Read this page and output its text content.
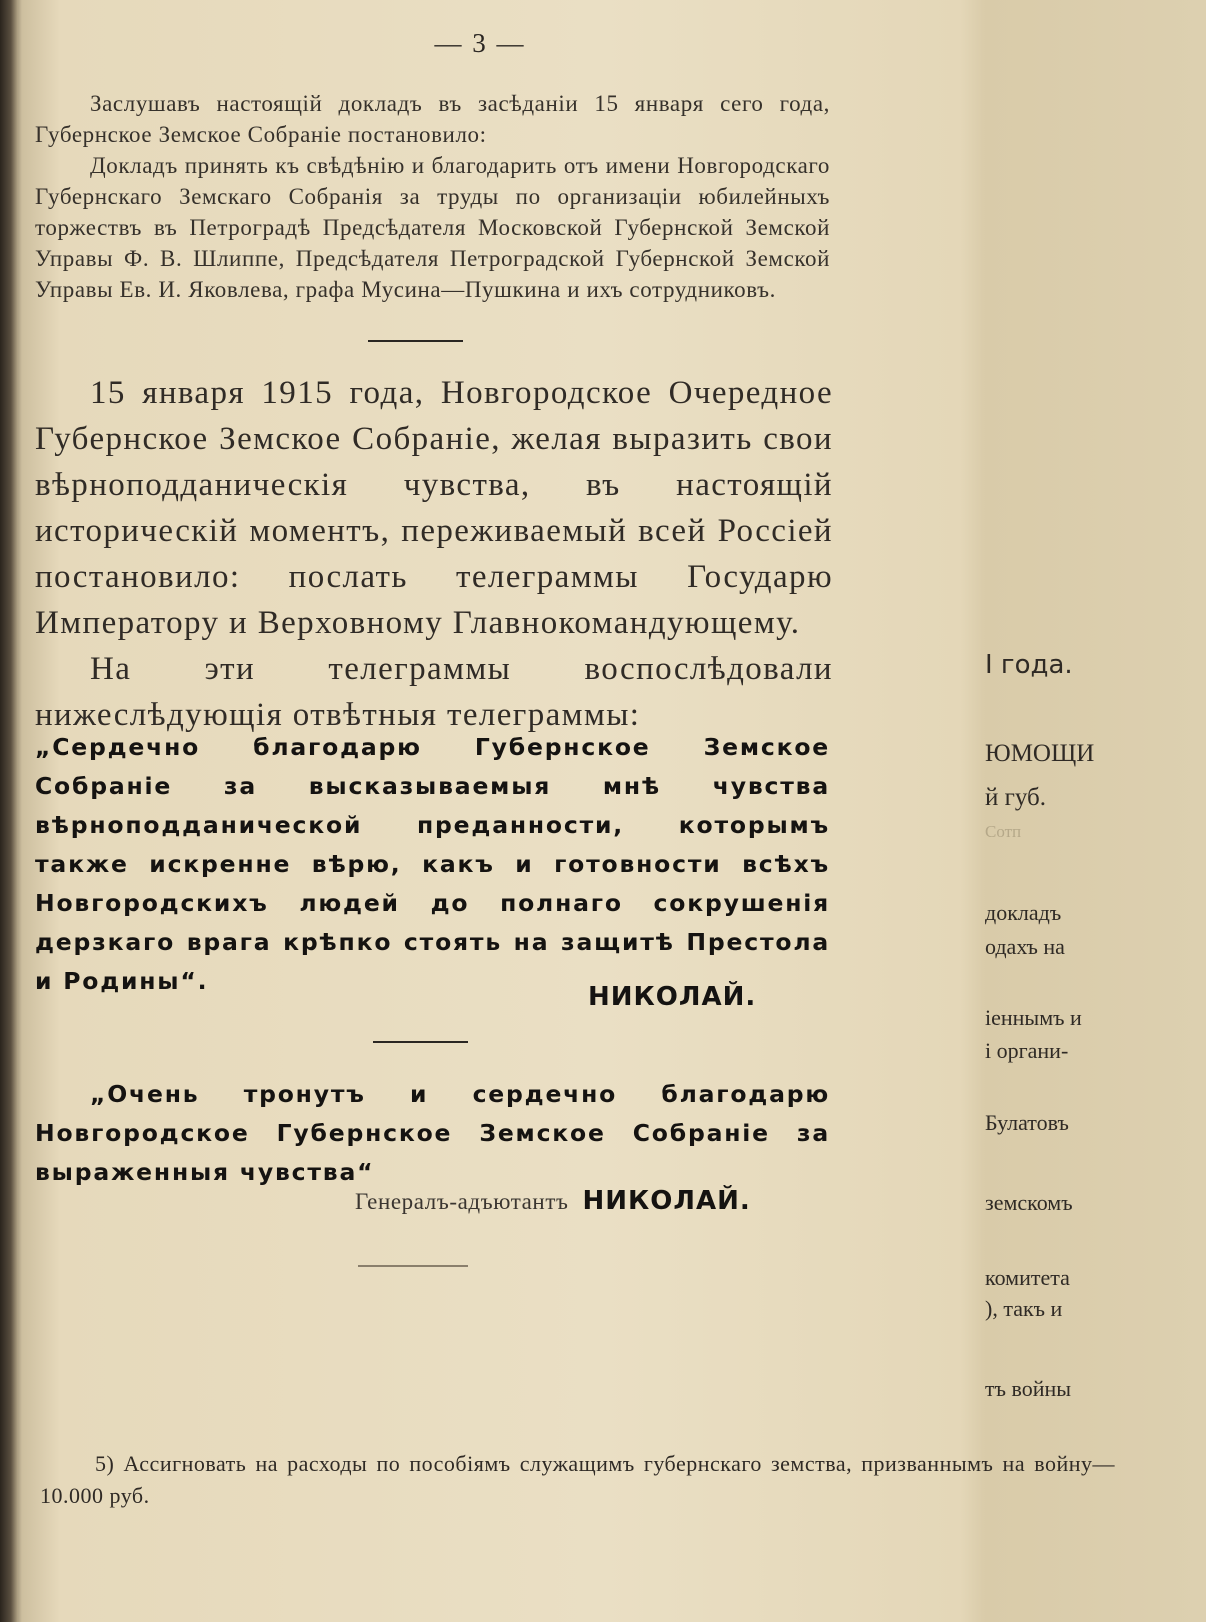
— 3 —

Заслушавъ настоящій докладъ въ засѣданіи 15 января сего года, Губернское Земское Собраніе постановило:

Докладъ принять къ свѣдѣнію и благодарить отъ имени Новгородскаго Губернскаго Земскаго Собранія за труды по организаціи юбилейныхъ торжествъ въ Петроградѣ Предсѣдателя Московской Губернской Земской Управы Ф. В. Шлиппе, Предсѣдателя Петроградской Губернской Земской Управы Ев. И. Яковлева, графа Мусина—Пушкина и ихъ сотрудниковъ.

15 января 1915 года, Новгородское Очередное Губернское Земское Собраніе, желая выразить свои вѣрноподданическія чувства, въ настоящій историческій моментъ, переживаемый всей Россіей постановило: послать телеграммы Государю Императору и Верховному Главнокомандующему.

На эти телеграммы воспослѣдовали нижеслѣдующія отвѣтныя телеграммы:

„Сердечно благодарю Губернское Земское Собраніе за высказываемыя мнѣ чувства вѣрноподданической преданности, которымъ также искренне вѣрю, какъ и готовности всѣхъ Новгородскихъ людей до полнаго сокрушенія дерзкаго врага крѣпко стоять на защитѣ Престола и Родины“.

НИКОЛАЙ.

„Очень тронутъ и сердечно благодарю Новгородское Губернское Земское Собраніе за выраженныя чувства“

Генералъ-адъютантъ НИКОЛАЙ.
I года.
ЮМОЩИ
й губ.
Сотп
докладъ
одахъ на
іеннымъ и
і органи-
Булатовъ
земскомъ
комитета
), такъ и
тъ войны

5) Ассигновать на расходы по пособіямъ служащимъ губернскаго земства, призваннымъ на войну—10.000 руб.
